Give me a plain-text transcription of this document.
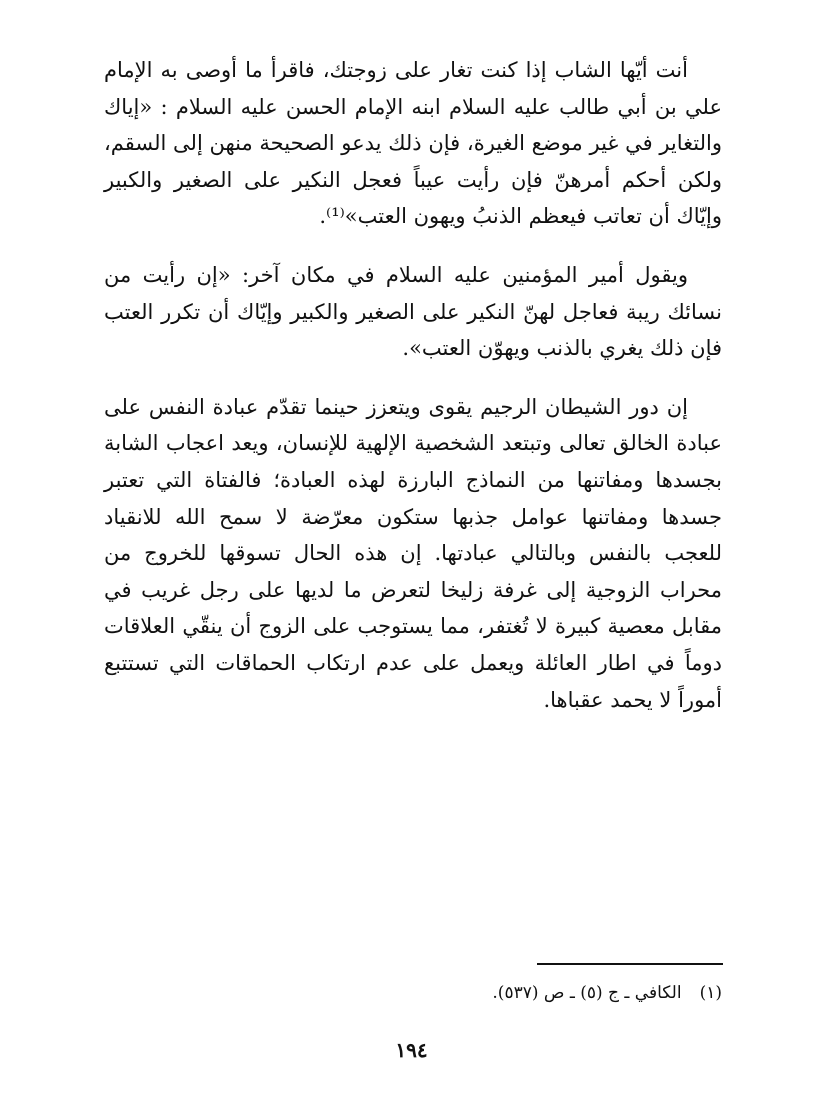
أنت أيّها الشاب إذا كنت تغار على زوجتك، فاقرأ ما أوصى به الإمام علي بن أبي طالب عليه السلام ابنه الإمام الحسن عليه السلام : «إياك والتغاير في غير موضع الغيرة، فإن ذلك يدعو الصحيحة منهن إلى السقم، ولكن أحكم أمرهنّ فإن رأيت عيباً فعجل النكير على الصغير والكبير وإيّاك أن تعاتب فيعظم الذنبُ ويهون العتب»⁽¹⁾.

ويقول أمير المؤمنين عليه السلام في مكان آخر: «إن رأيت من نسائك ريبة فعاجل لهنّ النكير على الصغير والكبير وإيّاك أن تكرر العتب فإن ذلك يغري بالذنب ويهوّن العتب».

إن دور الشيطان الرجيم يقوى ويتعزز حينما تقدّم عبادة النفس على عبادة الخالق تعالى وتبتعد الشخصية الإلهية للإنسان، ويعد اعجاب الشابة بجسدها ومفاتنها من النماذج البارزة لهذه العبادة؛ فالفتاة التي تعتبر جسدها ومفاتنها عوامل جذبها ستكون معرّضة لا سمح الله للانقياد للعجب بالنفس وبالتالي عبادتها. إن هذه الحال تسوقها للخروج من محراب الزوجية إلى غرفة زليخا لتعرض ما لديها على رجل غريب في مقابل معصية كبيرة لا تُغتفر، مما يستوجب على الزوج أن ينقّي العلاقات دوماً في اطار العائلة ويعمل على عدم ارتكاب الحماقات التي تستتبع أموراً لا يحمد عقباها.

(١)الكافي ـ ج (٥) ـ ص (٥٣٧).
١٩٤
